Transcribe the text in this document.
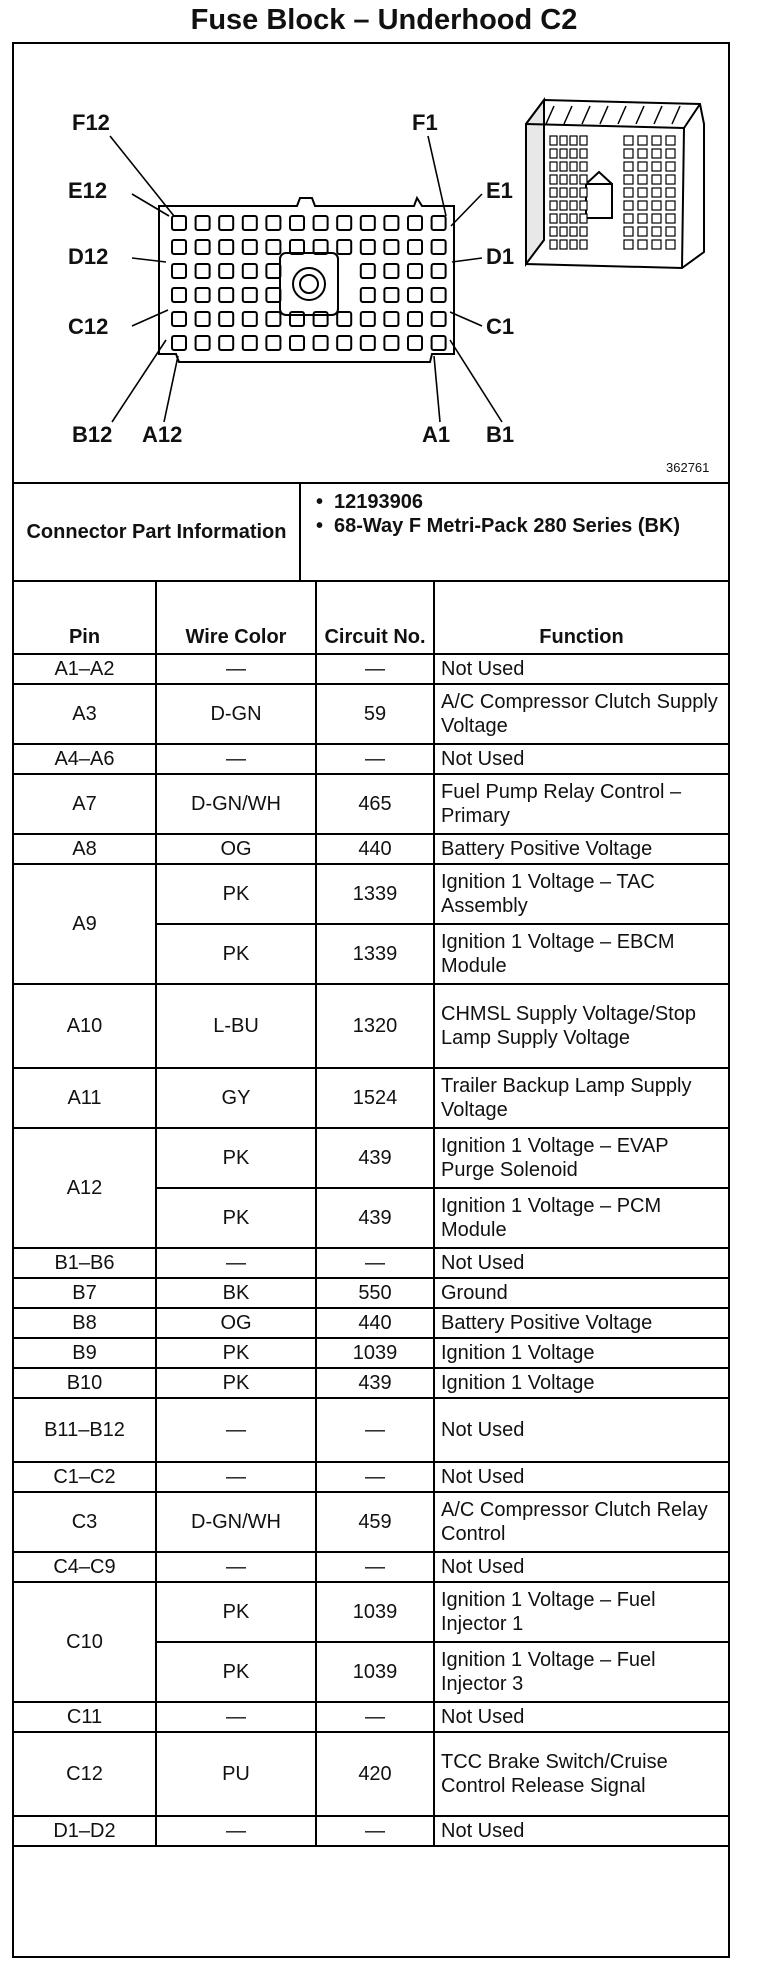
Fuse Block – Underhood C2
F12	F1
E12	E1
D12	D1
C12	C1
B12 A12	A1 B1
362761
Connector Part Information
• 12193906
• 68-Way F Metri-Pack 280 Series (BK)
Pin	Wire Color	Circuit No.	Function
A1–A2	—	—	Not Used
A3	D-GN	59	A/C Compressor Clutch Supply Voltage
A4–A6	—	—	Not Used
A7	D-GN/WH	465	Fuel Pump Relay Control – Primary
A8	OG	440	Battery Positive Voltage
A9	PK	1339	Ignition 1 Voltage – TAC Assembly
	PK	1339	Ignition 1 Voltage – EBCM Module
A10	L-BU	1320	CHMSL Supply Voltage/Stop Lamp Supply Voltage
A11	GY	1524	Trailer Backup Lamp Supply Voltage
A12	PK	439	Ignition 1 Voltage – EVAP Purge Solenoid
	PK	439	Ignition 1 Voltage – PCM Module
B1–B6	—	—	Not Used
B7	BK	550	Ground
B8	OG	440	Battery Positive Voltage
B9	PK	1039	Ignition 1 Voltage
B10	PK	439	Ignition 1 Voltage
B11–B12	—	—	Not Used
C1–C2	—	—	Not Used
C3	D-GN/WH	459	A/C Compressor Clutch Relay Control
C4–C9	—	—	Not Used
C10	PK	1039	Ignition 1 Voltage – Fuel Injector 1
	PK	1039	Ignition 1 Voltage – Fuel Injector 3
C11	—	—	Not Used
C12	PU	420	TCC Brake Switch/Cruise Control Release Signal
D1–D2	—	—	Not Used
